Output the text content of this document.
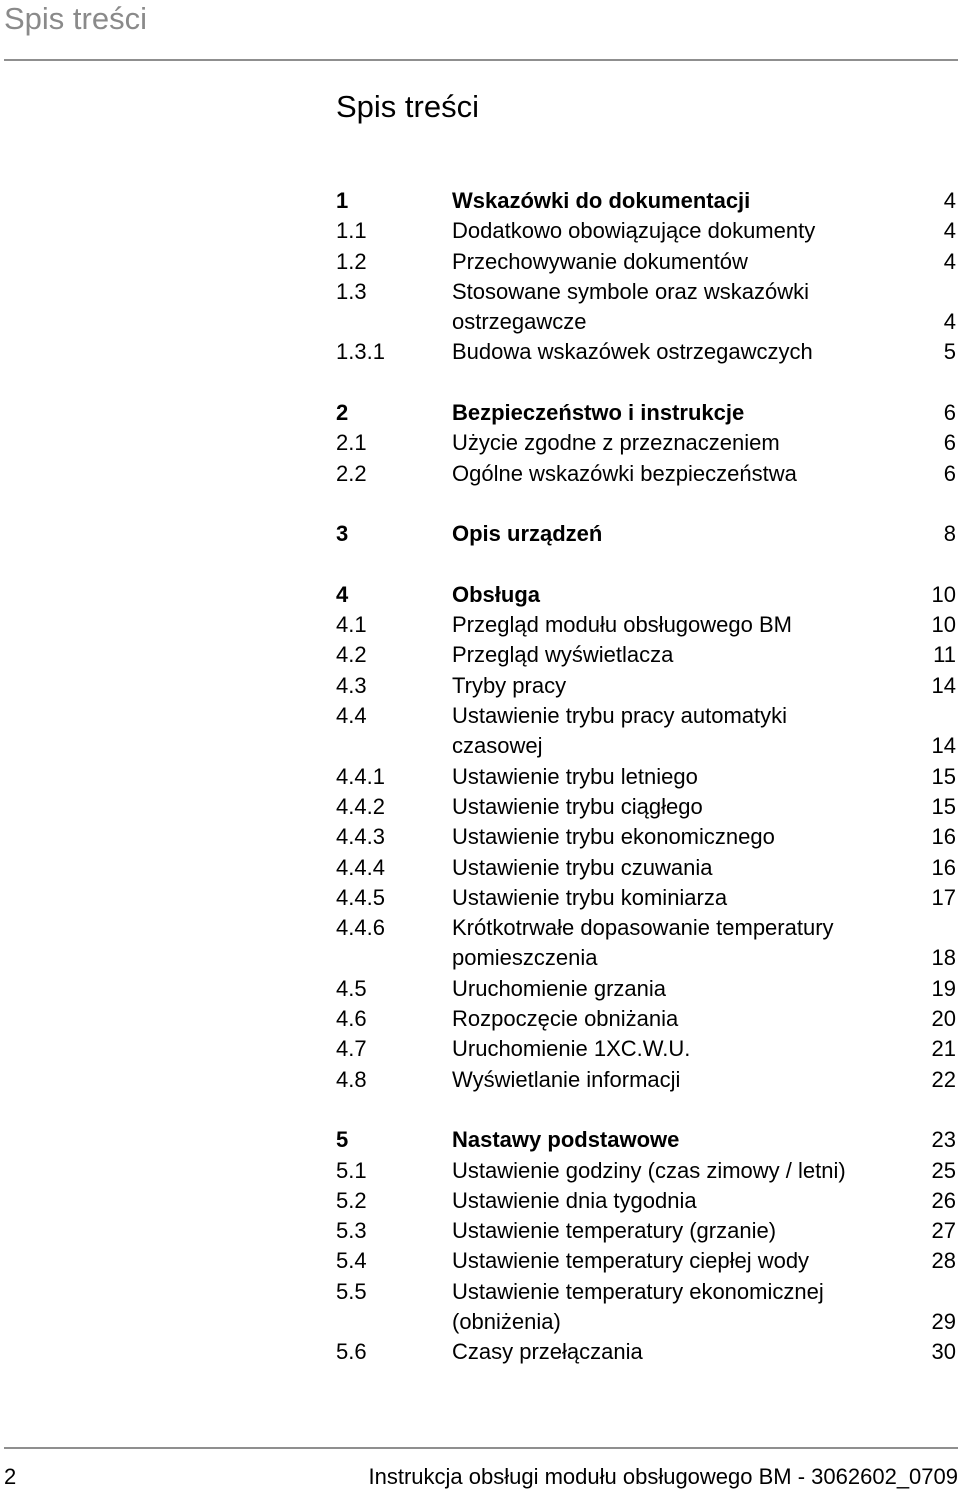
Spis treści
Spis treści
1	Wskazówki do dokumentacji	4
1.1	Dodatkowo obowiązujące dokumenty	4
1.2	Przechowywanie dokumentów	4
1.3	Stosowane symbole oraz wskazówki
ostrzegawcze	4
1.3.1	Budowa wskazówek ostrzegawczych	5
2	Bezpieczeństwo i instrukcje	6
2.1	Użycie zgodne z przeznaczeniem	6
2.2	Ogólne wskazówki bezpieczeństwa	6
3	Opis urządzeń	8
4	Obsługa	10
4.1	Przegląd modułu obsługowego BM	10
4.2	Przegląd wyświetlacza	11
4.3	Tryby pracy	14
4.4	Ustawienie trybu pracy automatyki
czasowej	14
4.4.1	Ustawienie trybu letniego	15
4.4.2	Ustawienie trybu ciągłego	15
4.4.3	Ustawienie trybu ekonomicznego	16
4.4.4	Ustawienie trybu czuwania	16
4.4.5	Ustawienie trybu kominiarza	17
4.4.6	Krótkotrwałe dopasowanie temperatury
pomieszczenia	18
4.5	Uruchomienie grzania	19
4.6	Rozpoczęcie obniżania	20
4.7	Uruchomienie 1XC.W.U.	21
4.8	Wyświetlanie informacji	22
5	Nastawy podstawowe	23
5.1	Ustawienie godziny (czas zimowy / letni)	25
5.2	Ustawienie dnia tygodnia	26
5.3	Ustawienie temperatury (grzanie)	27
5.4	Ustawienie temperatury ciepłej wody	28
5.5	Ustawienie temperatury ekonomicznej
(obniżenia)	29
5.6	Czasy przełączania	30
2	Instrukcja obsługi modułu obsługowego BM - 3062602_0709
